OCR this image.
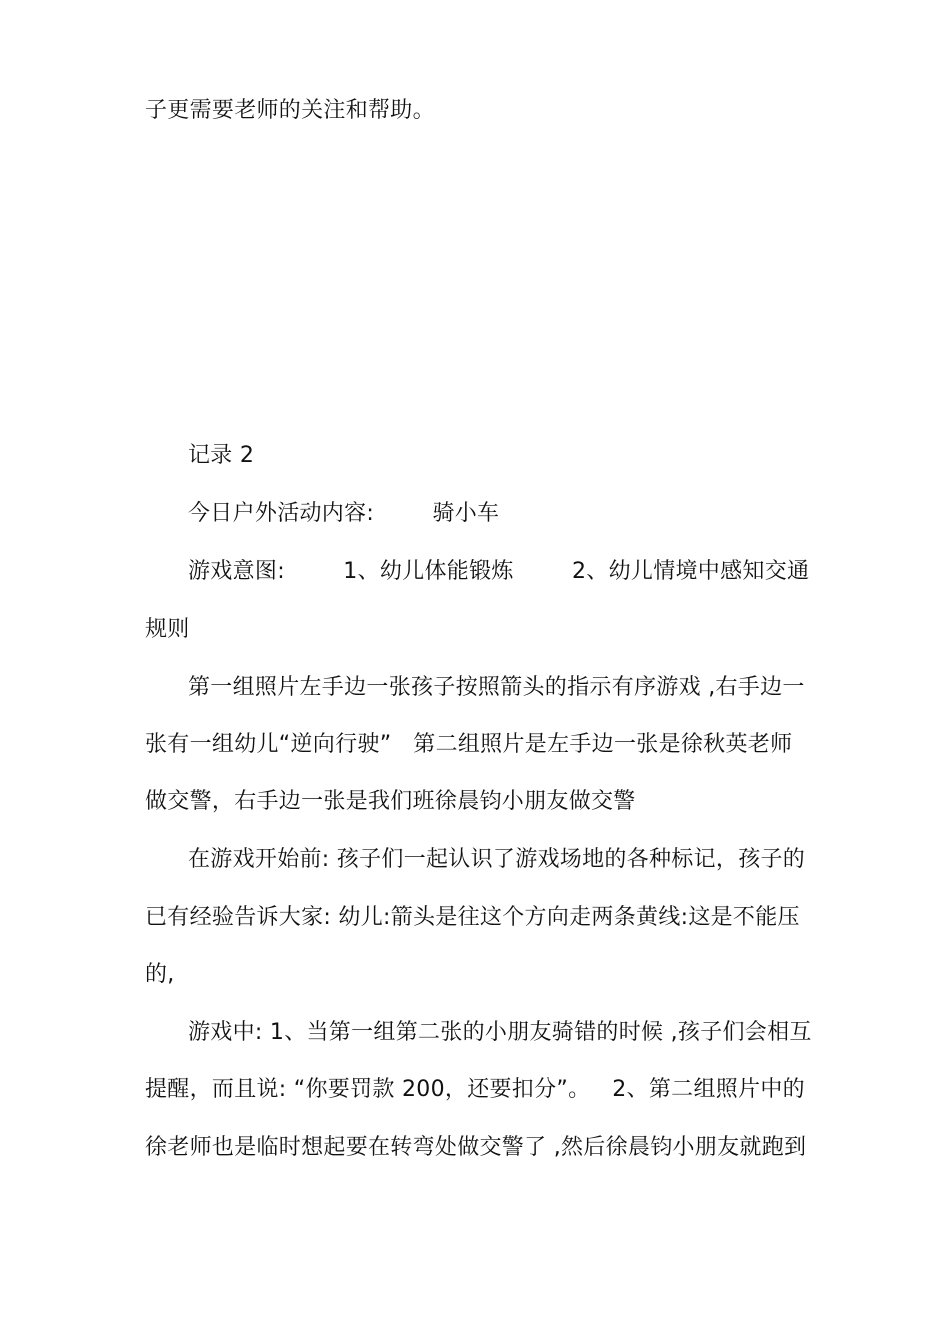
子更需要老师的关注和帮助。
记录 2
今日户外活动内容:        骑小车
游戏意图:        1、幼儿体能锻炼        2、幼儿情境中感知交通
规则
第一组照片左手边一张孩子按照箭头的指示有序游戏 ,右手边一
张有一组幼儿“逆向行驶”   第二组照片是左手边一张是徐秋英老师
做交警，右手边一张是我们班徐晨钧小朋友做交警
在游戏开始前: 孩子们一起认识了游戏场地的各种标记，孩子的
已有经验告诉大家: 幼儿:箭头是往这个方向走两条黄线:这是不能压
的,
游戏中: 1、当第一组第二张的小朋友骑错的时候 ,孩子们会相互
提醒，而且说: “你要罚款 200，还要扣分”。   2、第二组照片中的
徐老师也是临时想起要在转弯处做交警了 ,然后徐晨钧小朋友就跑到
